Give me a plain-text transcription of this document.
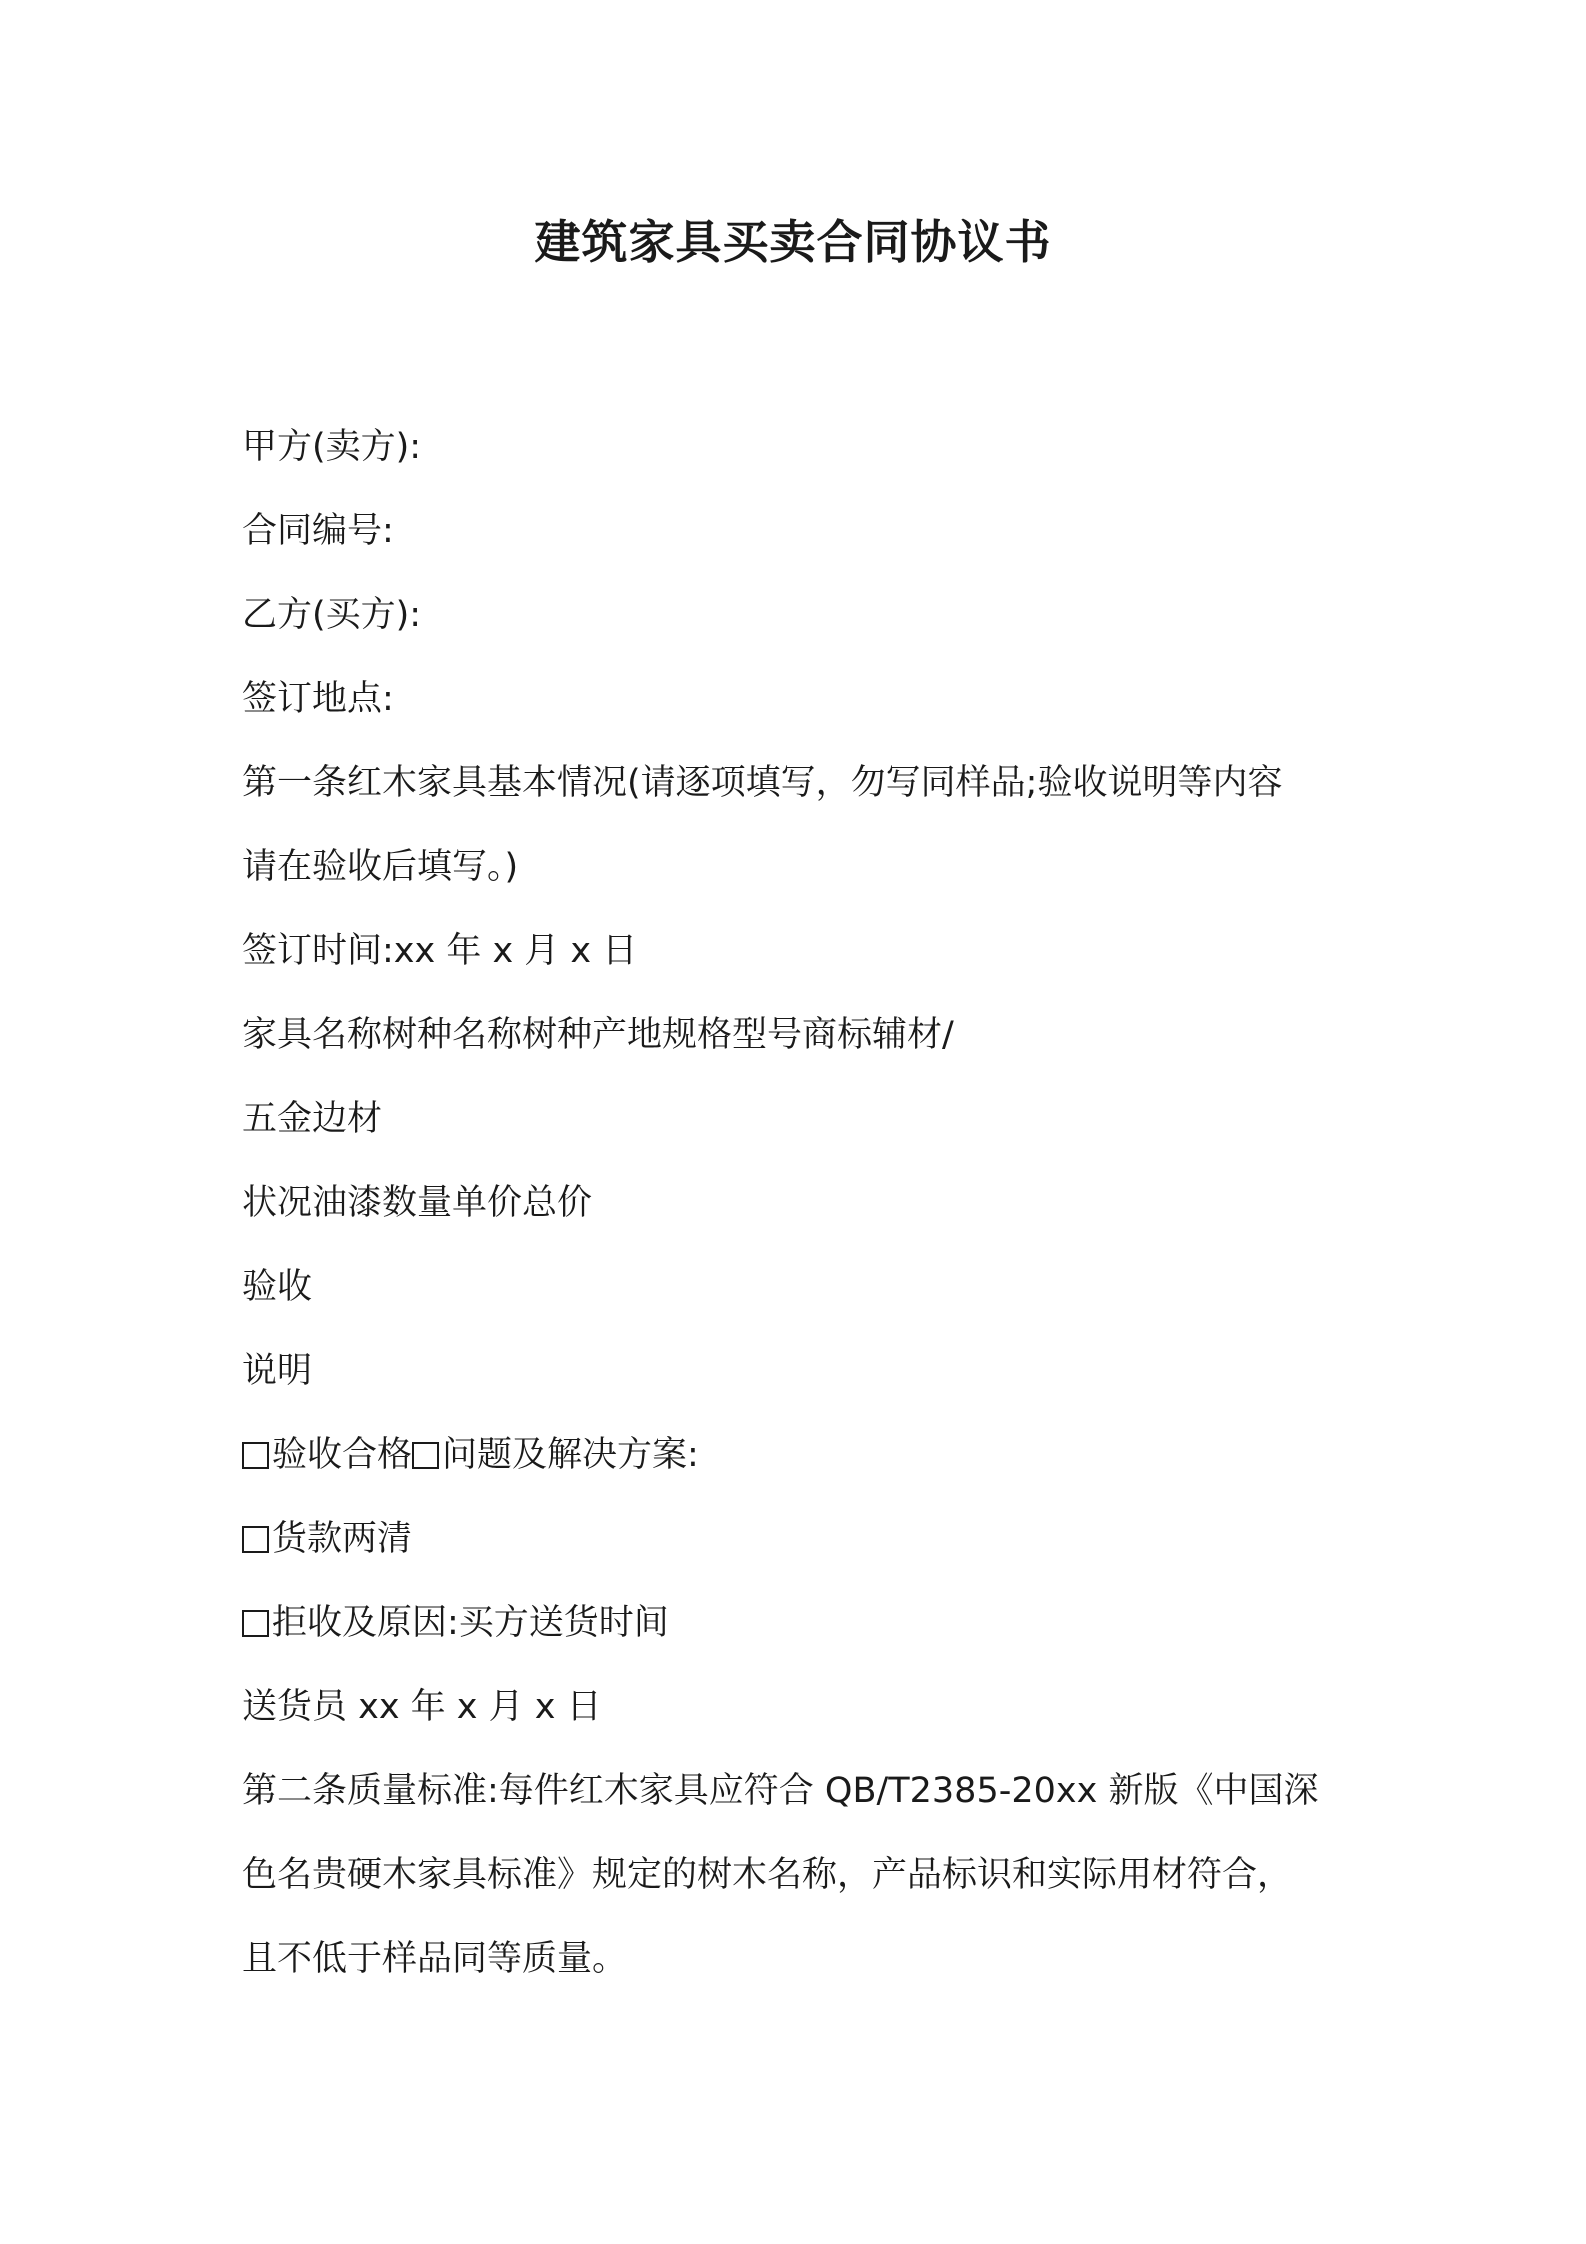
建筑家具买卖合同协议书
甲方(卖方):
合同编号:
乙方(买方):
签订地点:
第一条红木家具基本情况(请逐项填写，勿写同样品;验收说明等内容
请在验收后填写。)
签订时间:xx 年 x 月 x 日
家具名称树种名称树种产地规格型号商标辅材/
五金边材
状况油漆数量单价总价
验收
说明
验收合格 问题及解决方案:
货款两清
拒收及原因:买方送货时间
送货员 xx 年 x 月 x 日
第二条质量标准:每件红木家具应符合 QB/T2385-20xx 新版《中国深
色名贵硬木家具标准》规定的树木名称，产品标识和实际用材符合，
且不低于样品同等质量。
